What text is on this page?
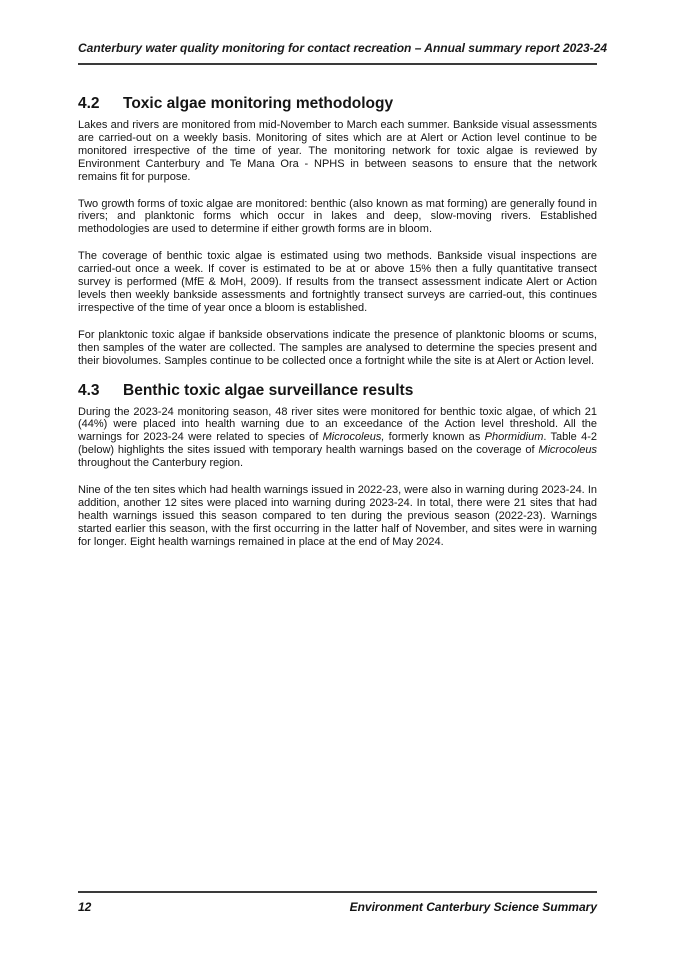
Canterbury water quality monitoring for contact recreation – Annual summary report 2023-24
4.2	Toxic algae monitoring methodology

Lakes and rivers are monitored from mid-November to March each summer. Bankside visual assessments are carried-out on a weekly basis. Monitoring of sites which are at Alert or Action level continue to be monitored irrespective of the time of year. The monitoring network for toxic algae is reviewed by Environment Canterbury and Te Mana Ora - NPHS in between seasons to ensure that the network remains fit for purpose.

Two growth forms of toxic algae are monitored: benthic (also known as mat forming) are generally found in rivers; and planktonic forms which occur in lakes and deep, slow-moving rivers. Established methodologies are used to determine if either growth forms are in bloom.

The coverage of benthic toxic algae is estimated using two methods. Bankside visual inspections are carried-out once a week. If cover is estimated to be at or above 15% then a fully quantitative transect survey is performed (MfE & MoH, 2009). If results from the transect assessment indicate Alert or Action levels then weekly bankside assessments and fortnightly transect surveys are carried-out, this continues irrespective of the time of year once a bloom is established.

For planktonic toxic algae if bankside observations indicate the presence of planktonic blooms or scums, then samples of the water are collected. The samples are analysed to determine the species present and their biovolumes. Samples continue to be collected once a fortnight while the site is at Alert or Action level.

4.3	Benthic toxic algae surveillance results

During the 2023-24 monitoring season, 48 river sites were monitored for benthic toxic algae, of which 21 (44%) were placed into health warning due to an exceedance of the Action level threshold. All the warnings for 2023-24 were related to species of Microcoleus, formerly known as Phormidium. Table 4-2 (below) highlights the sites issued with temporary health warnings based on the coverage of Microcoleus throughout the Canterbury region.

Nine of the ten sites which had health warnings issued in 2022-23, were also in warning during 2023-24. In addition, another 12 sites were placed into warning during 2023-24. In total, there were 21 sites that had health warnings issued this season compared to ten during the previous season (2022-23). Warnings started earlier this season, with the first occurring in the latter half of November, and sites were in warning for longer. Eight health warnings remained in place at the end of May 2024.

12	Environment Canterbury Science Summary
